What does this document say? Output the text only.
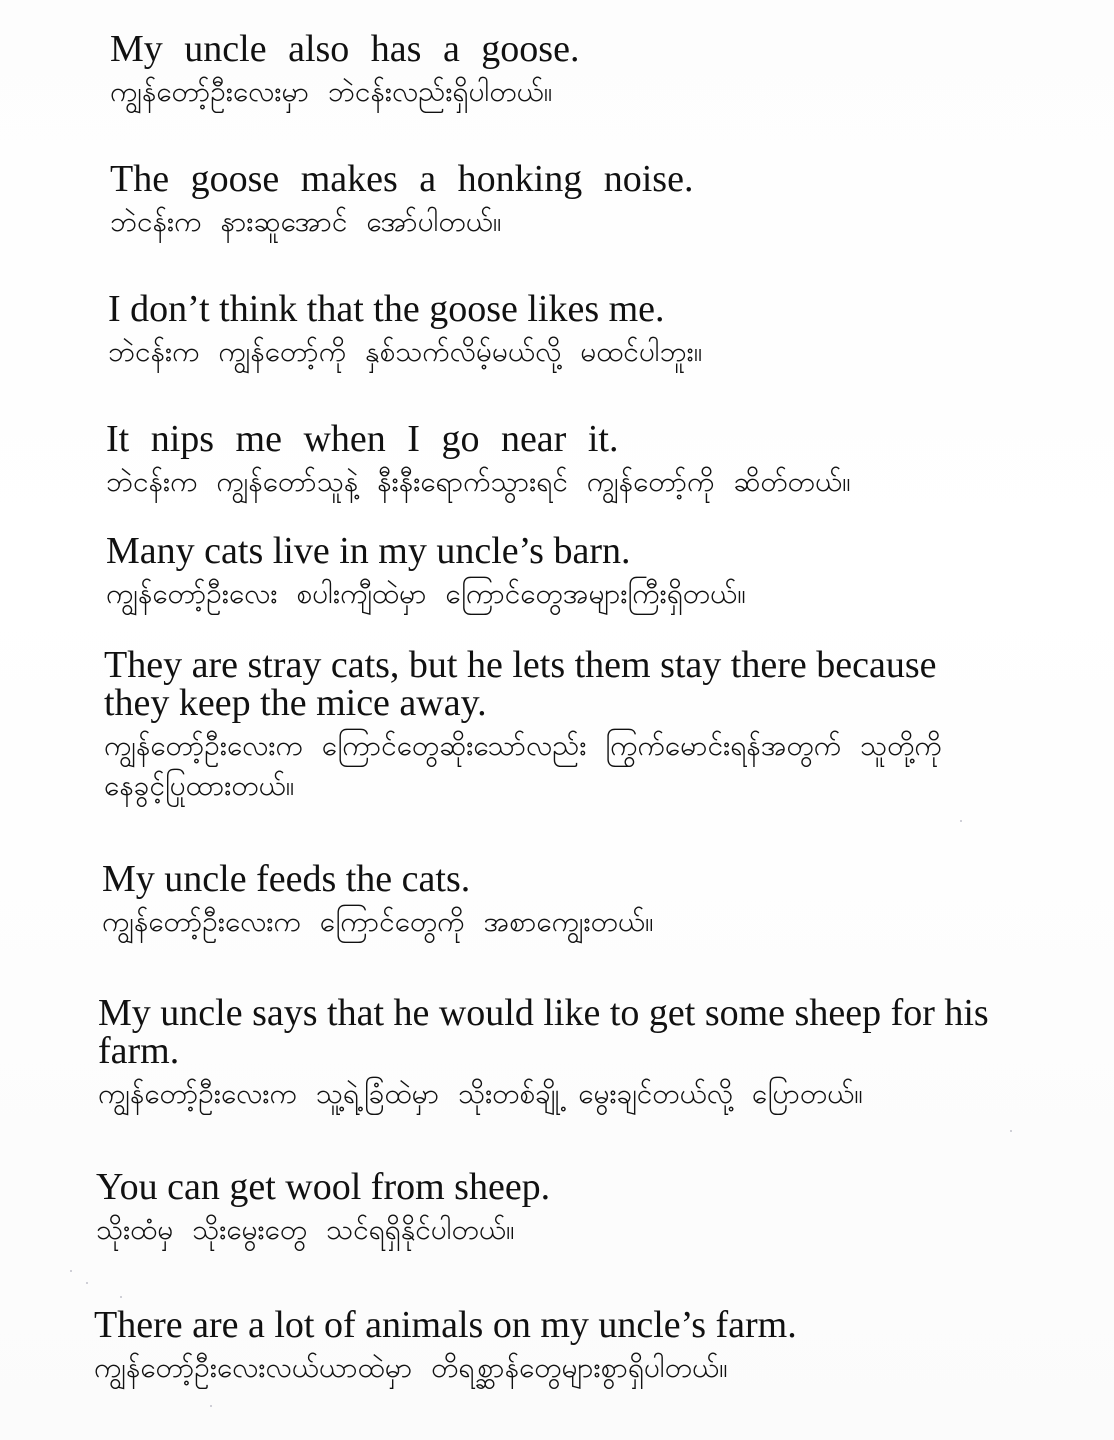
My uncle also has a goose.
ကျွန်တော့်ဦးလေးမှာ ဘဲငန်းလည်းရှိပါတယ်။
The goose makes a honking noise.
ဘဲငန်းက နားဆူအောင် အော်ပါတယ်။
I don’t think that the goose likes me.
ဘဲငန်းက ကျွန်တော့်ကို နှစ်သက်လိမ့်မယ်လို့ မထင်ပါဘူး။
It nips me when I go near it.
ဘဲငန်းက ကျွန်တော်သူနဲ့ နီးနီးရောက်သွားရင် ကျွန်တော့်ကို ဆိတ်တယ်။
Many cats live in my uncle’s barn.
ကျွန်တော့်ဦးလေး စပါးကျီထဲမှာ ကြောင်တွေအများကြီးရှိတယ်။
They are stray cats, but he lets them stay there because they keep the mice away.
ကျွန်တော့်ဦးလေးက ကြောင်တွေဆိုးသော်လည်း ကြွက်မောင်းရန်အတွက် သူတို့ကို နေခွင့်ပြုထားတယ်။
My uncle feeds the cats.
ကျွန်တော့်ဦးလေးက ကြောင်တွေကို အစာကျွေးတယ်။
My uncle says that he would like to get some sheep for his farm.
ကျွန်တော့်ဦးလေးက သူ့ရဲ့ခြံထဲမှာ သိုးတစ်ချို့ မွေးချင်တယ်လို့ ပြောတယ်။
You can get wool from sheep.
သိုးထံမှ သိုးမွေးတွေ သင်ရရှိနိုင်ပါတယ်။
There are a lot of animals on my uncle’s farm.
ကျွန်တော့်ဦးလေးလယ်ယာထဲမှာ တိရစ္ဆာန်တွေများစွာရှိပါတယ်။
